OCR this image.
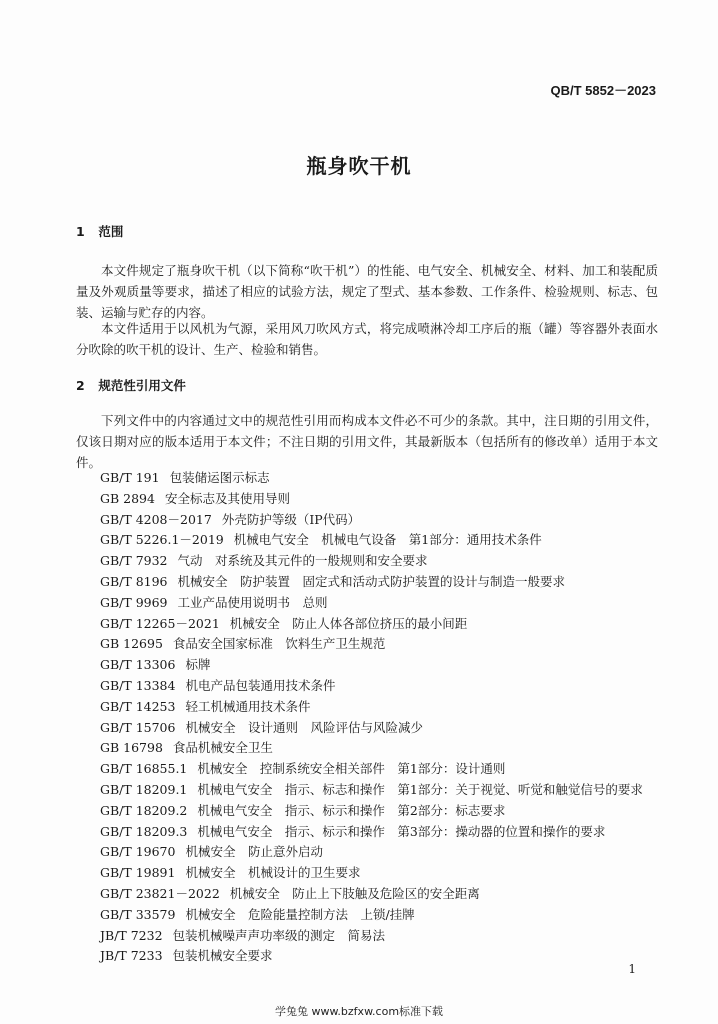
QB/T 5852－2023
瓶身吹干机
1 范围
本文件规定了瓶身吹干机（以下简称“吹干机”）的性能、电气安全、机械安全、材料、加工和装配质量及外观质量等要求，描述了相应的试验方法，规定了型式、基本参数、工作条件、检验规则、标志、包装、运输与贮存的内容。
本文件适用于以风机为气源，采用风刀吹风方式，将完成喷淋冷却工序后的瓶（罐）等容器外表面水分吹除的吹干机的设计、生产、检验和销售。
2 规范性引用文件
下列文件中的内容通过文中的规范性引用而构成本文件必不可少的条款。其中，注日期的引用文件，仅该日期对应的版本适用于本文件；不注日期的引用文件，其最新版本（包括所有的修改单）适用于本文件。
GB/T 191 包装储运图示标志
GB 2894 安全标志及其使用导则
GB/T 4208－2017 外壳防护等级（IP代码）
GB/T 5226.1－2019 机械电气安全　机械电气设备　第1部分：通用技术条件
GB/T 7932 气动　对系统及其元件的一般规则和安全要求
GB/T 8196 机械安全　防护装置　固定式和活动式防护装置的设计与制造一般要求
GB/T 9969 工业产品使用说明书　总则
GB/T 12265－2021 机械安全　防止人体各部位挤压的最小间距
GB 12695 食品安全国家标准　饮料生产卫生规范
GB/T 13306 标牌
GB/T 13384 机电产品包装通用技术条件
GB/T 14253 轻工机械通用技术条件
GB/T 15706 机械安全　设计通则　风险评估与风险减少
GB 16798 食品机械安全卫生
GB/T 16855.1 机械安全　控制系统安全相关部件　第1部分：设计通则
GB/T 18209.1 机械电气安全　指示、标志和操作　第1部分：关于视觉、听觉和触觉信号的要求
GB/T 18209.2 机械电气安全　指示、标示和操作　第2部分：标志要求
GB/T 18209.3 机械电气安全　指示、标示和操作　第3部分：操动器的位置和操作的要求
GB/T 19670 机械安全　防止意外启动
GB/T 19891 机械安全　机械设计的卫生要求
GB/T 23821－2022 机械安全　防止上下肢触及危险区的安全距离
GB/T 33579 机械安全　危险能量控制方法　上锁/挂牌
JB/T 7232 包装机械噪声声功率级的测定　简易法
JB/T 7233 包装机械安全要求
1
学兔兔 www.bzfxw.com标准下载
